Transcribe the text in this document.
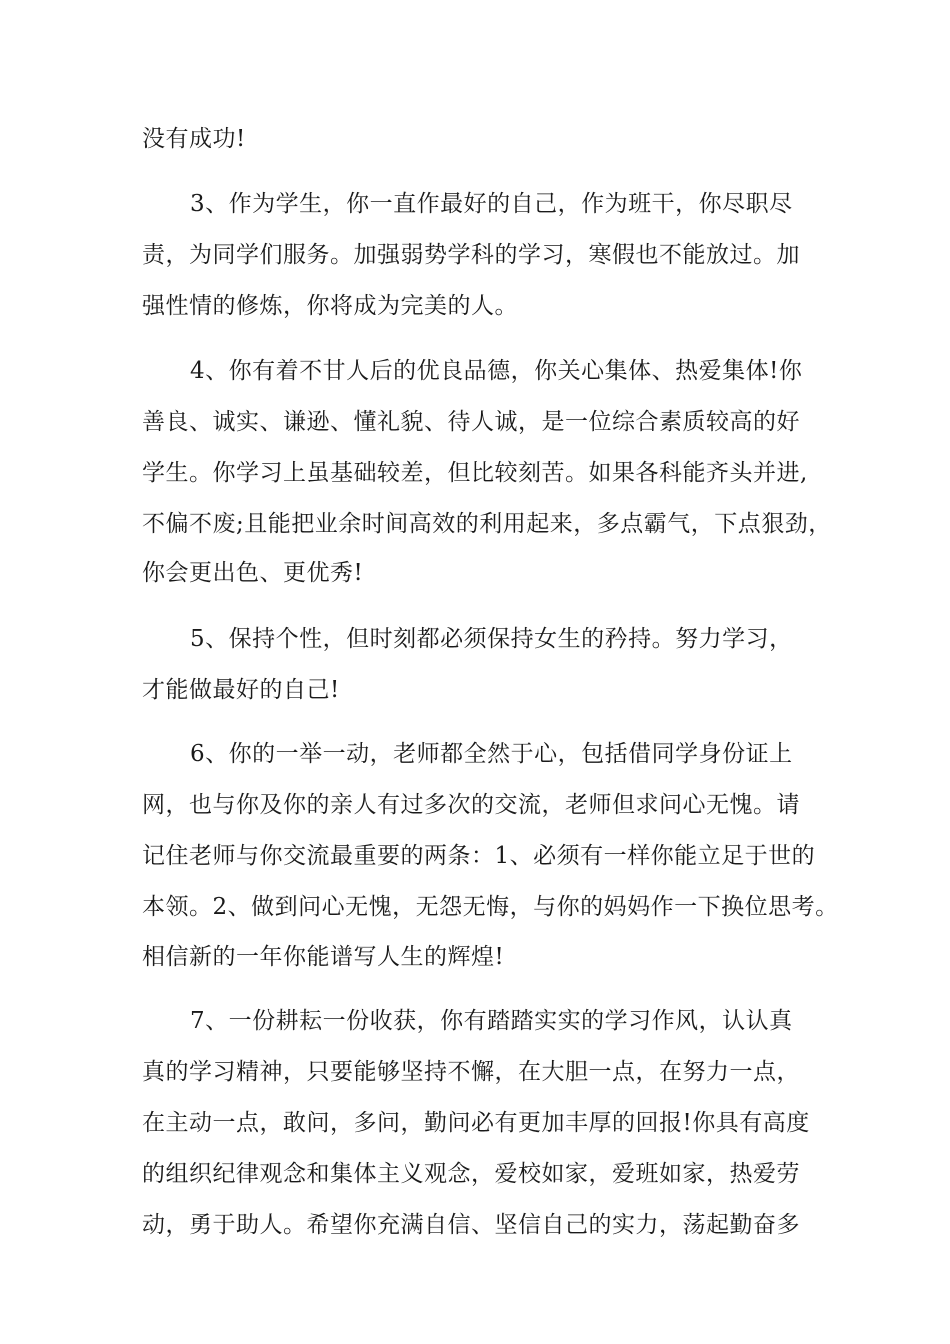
没有成功!
3、作为学生，你一直作最好的自己，作为班干，你尽职尽
责，为同学们服务。加强弱势学科的学习，寒假也不能放过。加
强性情的修炼，你将成为完美的人。
4、你有着不甘人后的优良品德，你关心集体、热爱集体!你
善良、诚实、谦逊、懂礼貌、待人诚，是一位综合素质较高的好
学生。你学习上虽基础较差，但比较刻苦。如果各科能齐头并进,
不偏不废;且能把业余时间高效的利用起来，多点霸气，下点狠劲，
你会更出色、更优秀!
5、保持个性，但时刻都必须保持女生的矜持。努力学习，
才能做最好的自己!
6、你的一举一动，老师都全然于心，包括借同学身份证上
网，也与你及你的亲人有过多次的交流，老师但求问心无愧。请
记住老师与你交流最重要的两条：1、必须有一样你能立足于世的
本领。2、做到问心无愧，无怨无悔，与你的妈妈作一下换位思考。
相信新的一年你能谱写人生的辉煌!
7、一份耕耘一份收获，你有踏踏实实的学习作风，认认真
真的学习精神，只要能够坚持不懈，在大胆一点，在努力一点，
在主动一点，敢问，多问，勤问必有更加丰厚的回报!你具有高度
的组织纪律观念和集体主义观念，爱校如家，爱班如家，热爱劳
动，勇于助人。希望你充满自信、坚信自己的实力，荡起勤奋多
